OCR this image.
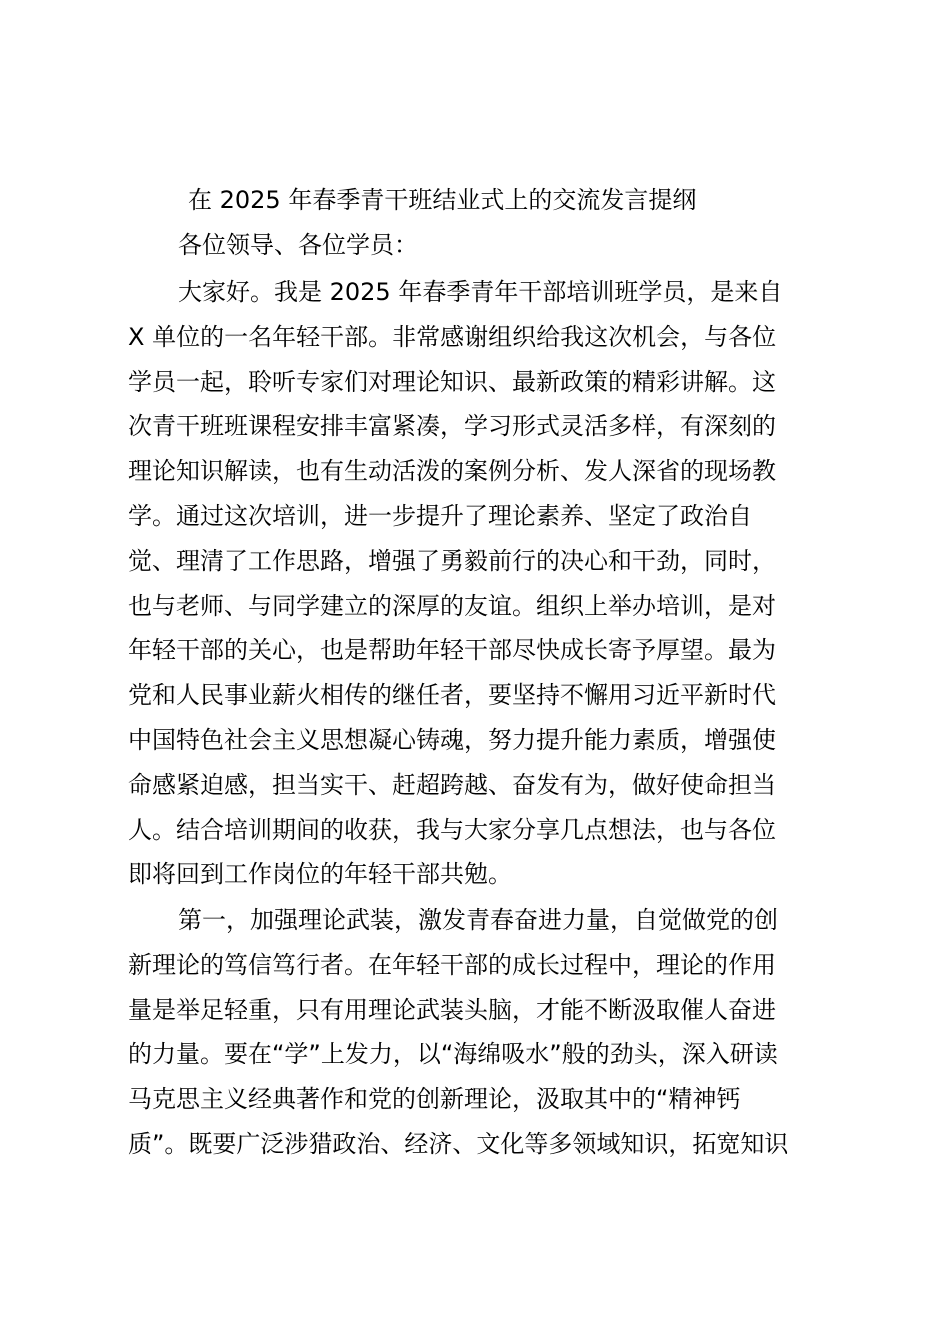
在 2025 年春季青干班结业式上的交流发言提纲

各位领导、各位学员：

大家好。我是 2025 年春季青年干部培训班学员，是来自
X 单位的一名年轻干部。非常感谢组织给我这次机会，与各位
学员一起，聆听专家们对理论知识、最新政策的精彩讲解。这
次青干班班课程安排丰富紧凑，学习形式灵活多样，有深刻的
理论知识解读，也有生动活泼的案例分析、发人深省的现场教
学。通过这次培训，进一步提升了理论素养、坚定了政治自
觉、理清了工作思路，增强了勇毅前行的决心和干劲，同时，
也与老师、与同学建立的深厚的友谊。组织上举办培训，是对
年轻干部的关心，也是帮助年轻干部尽快成长寄予厚望。最为
党和人民事业薪火相传的继任者，要坚持不懈用习近平新时代
中国特色社会主义思想凝心铸魂，努力提升能力素质，增强使
命感紧迫感，担当实干、赶超跨越、奋发有为，做好使命担当
人。结合培训期间的收获，我与大家分享几点想法，也与各位
即将回到工作岗位的年轻干部共勉。
第一，加强理论武装，激发青春奋进力量，自觉做党的创
新理论的笃信笃行者。在年轻干部的成长过程中，理论的作用
量是举足轻重，只有用理论武装头脑，才能不断汲取催人奋进
的力量。要在“学”上发力，以“海绵吸水”般的劲头，深入研读
马克思主义经典著作和党的创新理论，汲取其中的“精神钙
质”。既要广泛涉猎政治、经济、文化等多领域知识，拓宽知识
